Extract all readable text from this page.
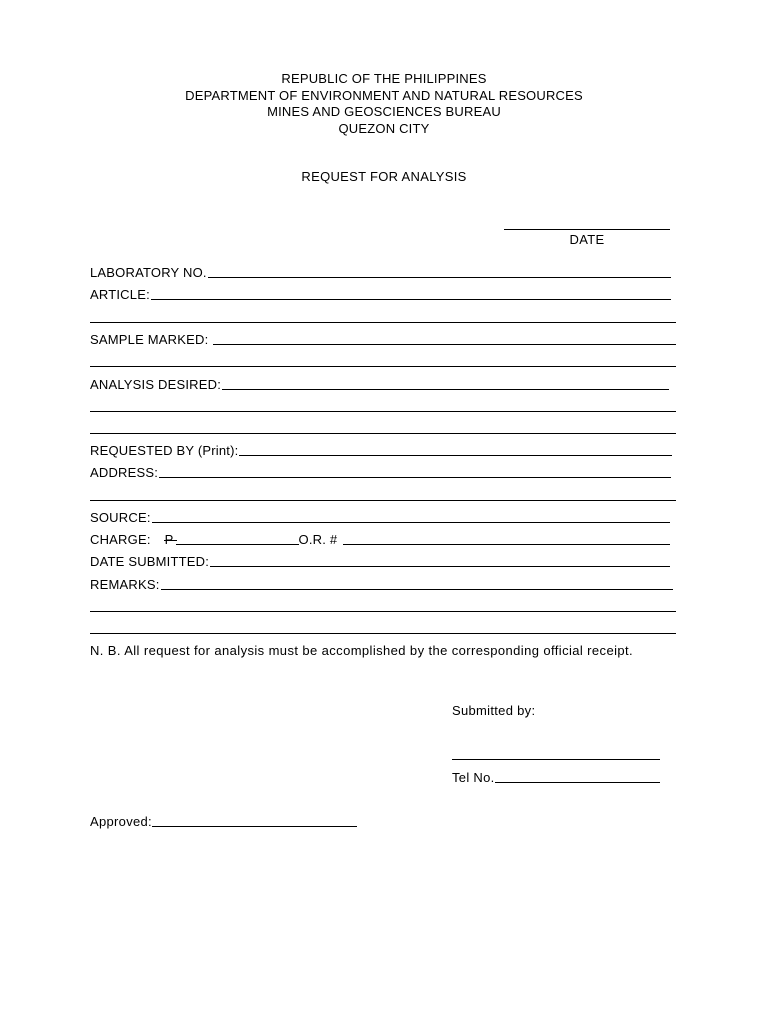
REPUBLIC OF THE PHILIPPINES
DEPARTMENT OF ENVIRONMENT AND NATURAL RESOURCES
MINES AND GEOSCIENCES BUREAU
QUEZON CITY
REQUEST FOR ANALYSIS
DATE
LABORATORY NO.
ARTICLE:
SAMPLE MARKED:
ANALYSIS DESIRED:
REQUESTED BY (Print):
ADDRESS:
SOURCE:
CHARGE:	P	O.R. #
DATE SUBMITTED:
REMARKS:
N. B. All request for analysis must be accomplished by the corresponding official receipt.
Submitted by:
Tel No.
Approved:
